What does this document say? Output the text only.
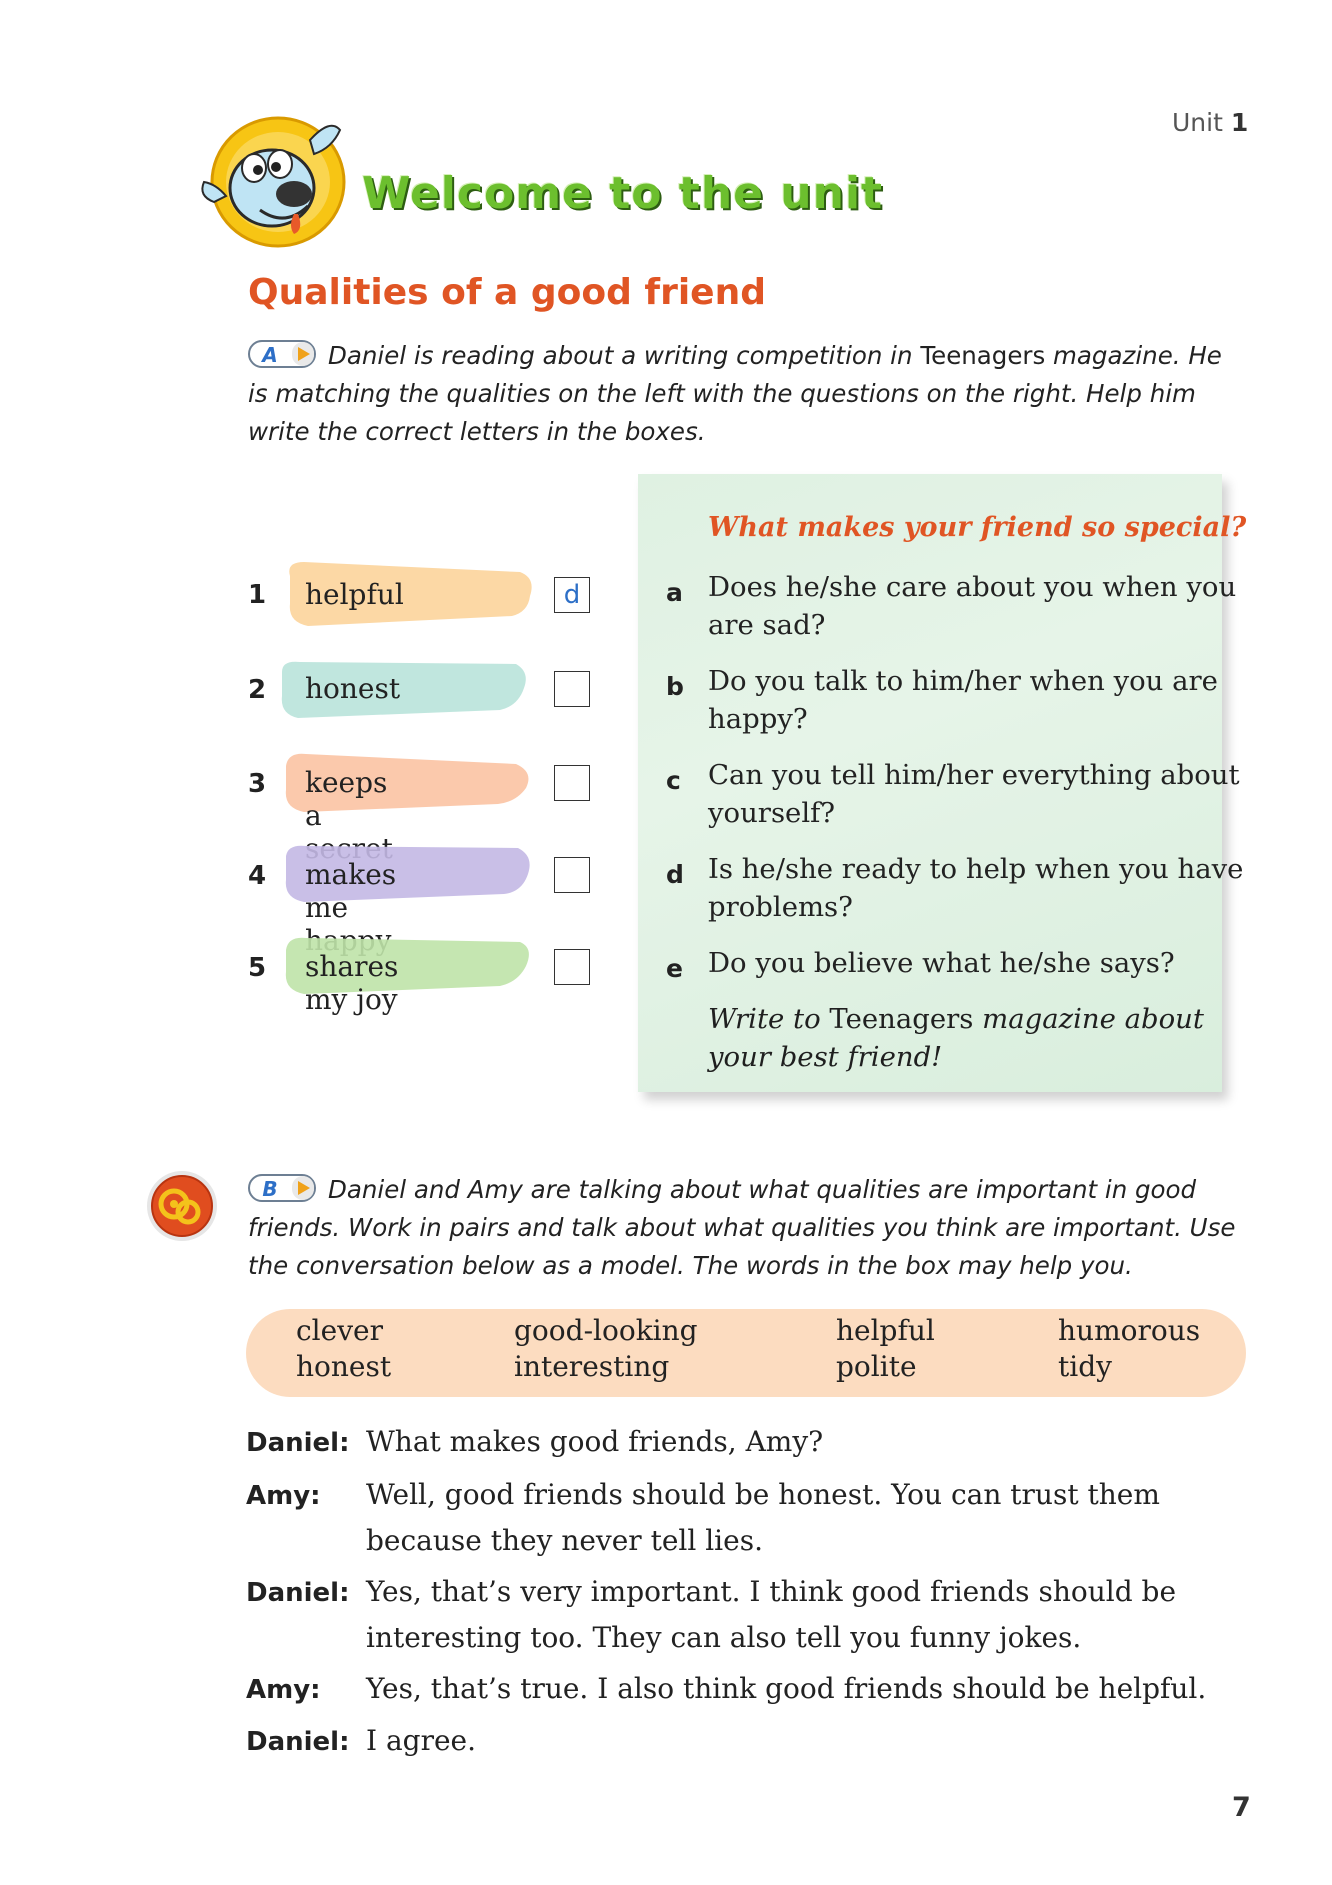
Unit 1
Welcome to the unit
Qualities of a good friend
A Daniel is reading about a writing competition in Teenagers magazine. He is matching the qualities on the left with the questions on the right. Help him write the correct letters in the boxes.
1 helpful	d
2 honest
3 keeps a
4 makes me
5 shares my joy
What makes your friend so special?
a Does he/she care about you when you are sad?
b Do you talk to him/her when you are happy?
c Can you tell him/her everything about yourself?
d Is he/she ready to help when you have problems?
e Do you believe what he/she says?
Write to Teenagers magazine about your best friend!
B Daniel and Amy are talking about what qualities are important in good friends. Work in pairs and talk about what qualities you think are important. Use the conversation below as a model. The words in the box may help you.
clever	good-looking	helpful	humorous
honest	interesting	polite	tidy
Daniel: What makes good friends, Amy?
Amy: Well, good friends should be honest. You can trust them because they never tell lies.
Daniel: Yes, that’s very important. I think good friends should be interesting too. They can also tell you funny jokes.
Amy: Yes, that’s true. I also think good friends should be helpful.
Daniel: I agree.
7
